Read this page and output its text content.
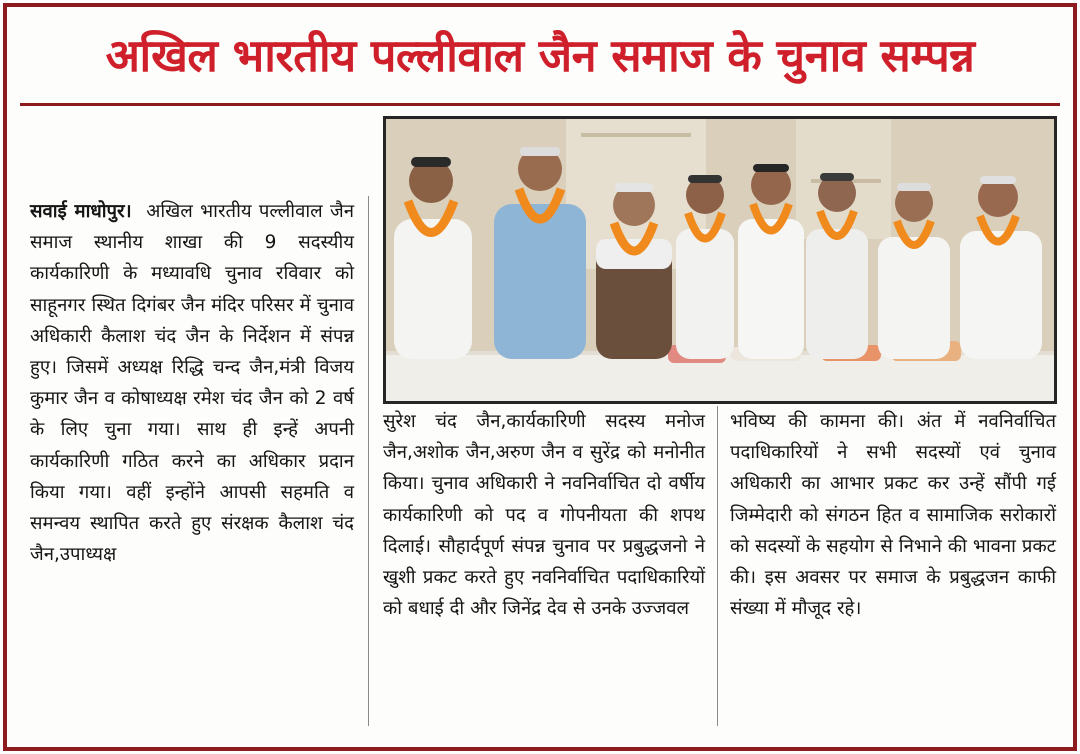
अखिल भारतीय पल्लीवाल जैन समाज के चुनाव सम्पन्न

सवाई माधोपुर। अखिल भारतीय पल्लीवाल जैन समाज स्थानीय शाखा की 9 सदस्यीय कार्यकारिणी के मध्यावधि चुनाव रविवार को साहूनगर स्थित दिगंबर जैन मंदिर परिसर में चुनाव अधिकारी कैलाश चंद जैन के निर्देशन में संपन्न हुए। जिसमें अध्यक्ष रिद्धि चन्द जैन,मंत्री विजय कुमार जैन व कोषाध्यक्ष रमेश चंद जैन को 2 वर्ष के लिए चुना गया। साथ ही इन्हें अपनी कार्यकारिणी गठित करने का अधिकार प्रदान किया गया। वहीं इन्होंने आपसी सहमति व समन्वय स्थापित करते हुए संरक्षक कैलाश चंद जैन,उपाध्यक्ष

सुरेश चंद जैन,कार्यकारिणी सदस्य मनोज जैन,अशोक जैन,अरुण जैन व सुरेंद्र को मनोनीत किया। चुनाव अधिकारी ने नवनिर्वाचित दो वर्षीय कार्यकारिणी को पद व गोपनीयता की शपथ दिलाई। सौहार्दपूर्ण संपन्न चुनाव पर प्रबुद्धजनो ने खुशी प्रकट करते हुए नवनिर्वाचित पदाधिकारियों को बधाई दी और जिनेंद्र देव से उनके उज्जवल

भविष्य की कामना की। अंत में नवनिर्वाचित पदाधिकारियों ने सभी सदस्यों एवं चुनाव अधिकारी का आभार प्रकट कर उन्हें सौंपी गई जिम्मेदारी को संगठन हित व सामाजिक सरोकारों को सदस्यों के सहयोग से निभाने की भावना प्रकट की। इस अवसर पर समाज के प्रबुद्धजन काफी संख्या में मौजूद रहे।
